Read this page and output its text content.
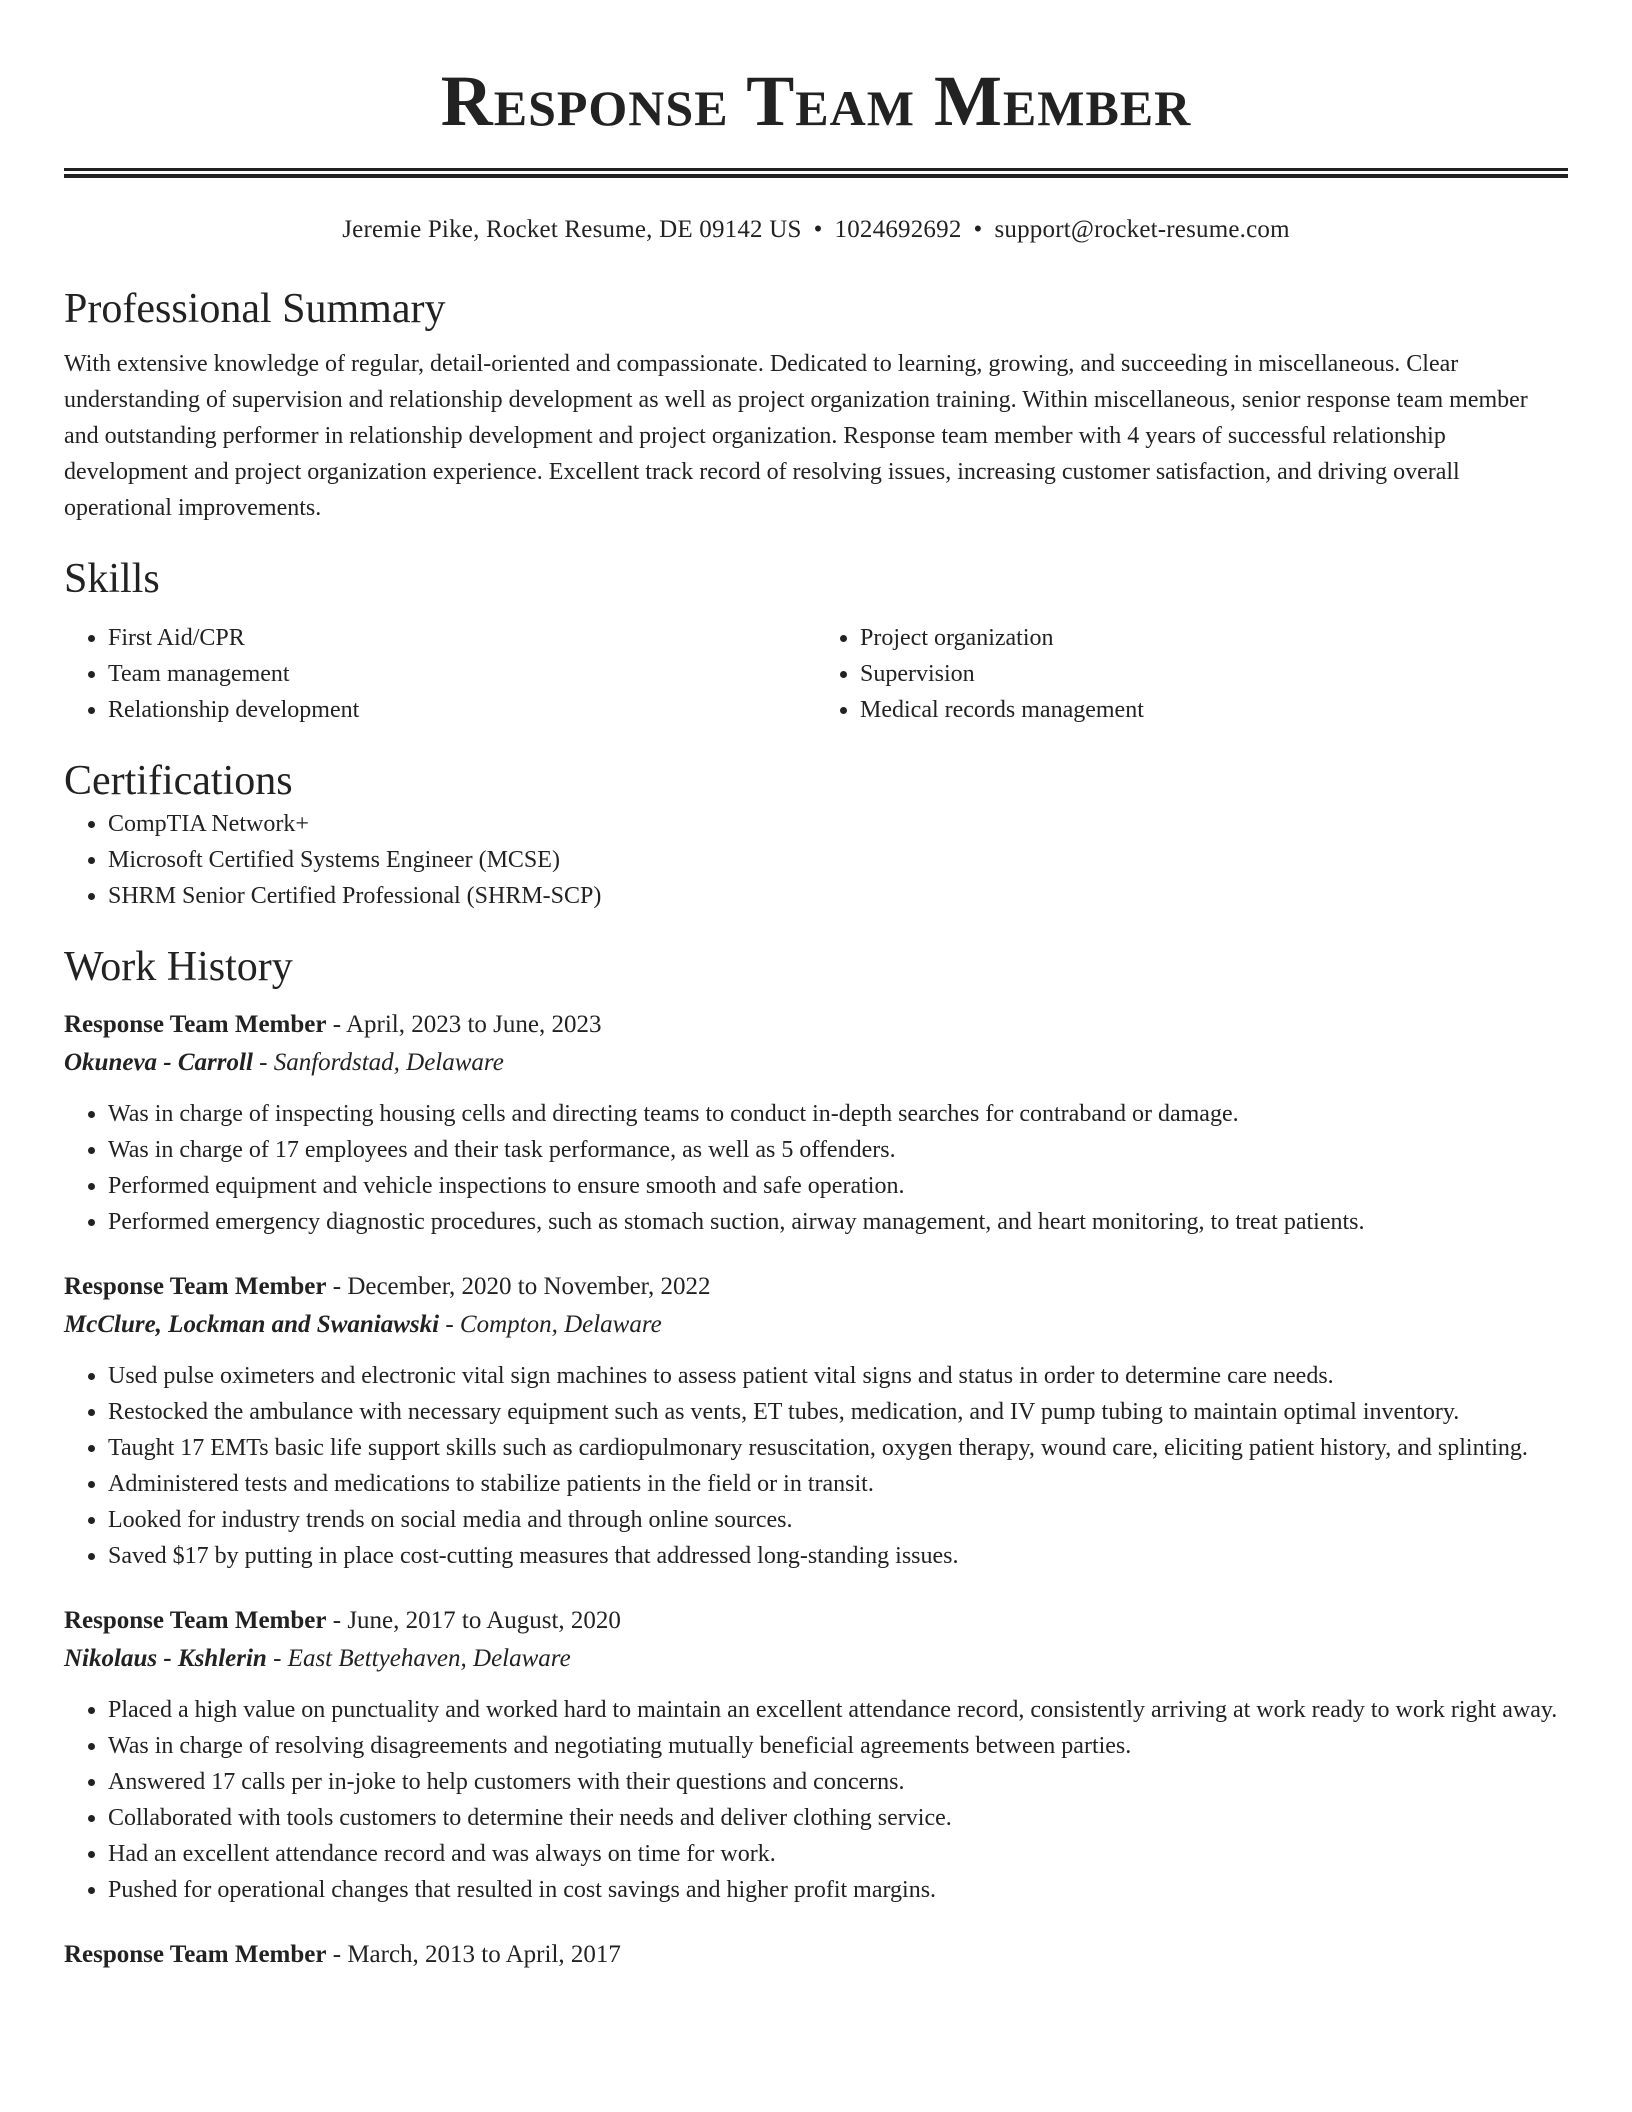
Response Team Member
Jeremie Pike, Rocket Resume, DE 09142 US • 1024692692 • support@rocket-resume.com
Professional Summary

With extensive knowledge of regular, detail-oriented and compassionate. Dedicated to learning, growing, and succeeding in miscellaneous. Clear understanding of supervision and relationship development as well as project organization training. Within miscellaneous, senior response team member and outstanding performer in relationship development and project organization. Response team member with 4 years of successful relationship development and project organization experience. Excellent track record of resolving issues, increasing customer satisfaction, and driving overall operational improvements.

Skills
• First Aid/CPR
• Team management
• Relationship development
• Project organization
• Supervision
• Medical records management
Certifications
• CompTIA Network+
• Microsoft Certified Systems Engineer (MCSE)
• SHRM Senior Certified Professional (SHRM-SCP)
Work History
Response Team Member - April, 2023 to June, 2023
Okuneva - Carroll - Sanfordstad, Delaware
• Was in charge of inspecting housing cells and directing teams to conduct in-depth searches for contraband or damage.
• Was in charge of 17 employees and their task performance, as well as 5 offenders.
• Performed equipment and vehicle inspections to ensure smooth and safe operation.
• Performed emergency diagnostic procedures, such as stomach suction, airway management, and heart monitoring, to treat patients.
Response Team Member - December, 2020 to November, 2022
McClure, Lockman and Swaniawski - Compton, Delaware
• Used pulse oximeters and electronic vital sign machines to assess patient vital signs and status in order to determine care needs.
• Restocked the ambulance with necessary equipment such as vents, ET tubes, medication, and IV pump tubing to maintain optimal inventory.
• Taught 17 EMTs basic life support skills such as cardiopulmonary resuscitation, oxygen therapy, wound care, eliciting patient history, and splinting.
• Administered tests and medications to stabilize patients in the field or in transit.
• Looked for industry trends on social media and through online sources.
• Saved $17 by putting in place cost-cutting measures that addressed long-standing issues.
Response Team Member - June, 2017 to August, 2020
Nikolaus - Kshlerin - East Bettyehaven, Delaware
• Placed a high value on punctuality and worked hard to maintain an excellent attendance record, consistently arriving at work ready to work right away.
• Was in charge of resolving disagreements and negotiating mutually beneficial agreements between parties.
• Answered 17 calls per in-joke to help customers with their questions and concerns.
• Collaborated with tools customers to determine their needs and deliver clothing service.
• Had an excellent attendance record and was always on time for work.
• Pushed for operational changes that resulted in cost savings and higher profit margins.
Response Team Member - March, 2013 to April, 2017
